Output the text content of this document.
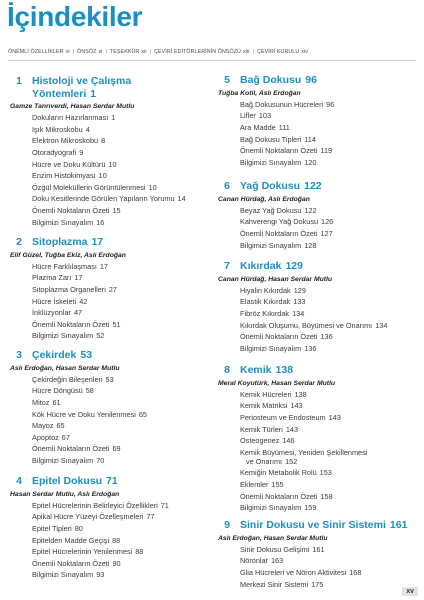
İçindekiler
ÖNEMLİ ÖZELLİKLER vi | ÖNSÖZ xi | TEŞEKKÜR xii | ÇEVİRİ EDİTÖRLERİNİN ÖNSÖZÜ xiii | ÇEVİRİ KURULU xiv
1 Histoloji ve Çalışma
Yöntemleri 1
Gamze Tanrıverdi, Hasan Serdar Mutlu
Dokuların Hazırlanması 1
Işık Mikroskobu 4
Elektron Mikroskobu 8
Otoradyografi 9
Hücre ve Doku Kültürü 10
Enzim Histokimyası 10
Özgül Moleküllerin Görüntülenmesi 10
Doku Kesitlerinde Görülen Yapıların Yorumu 14
Önemli Noktaların Özeti 15
Bilgimizi Sınayalım 16
2 Sitoplazma 17
Elif Güzel, Tuğba Ekiz, Aslı Erdoğan
Hücre Farklılaşması 17
Plazma Zarı 17
Sitoplazma Organelleri 27
Hücre İskeleti 42
İnklüzyonlar 47
Önemli Noktaların Özeti 51
Bilgimizi Sınayalım 52
3 Çekirdek 53
Aslı Erdoğan, Hasan Serdar Mutlu
Çekirdeğin Bileşenleri 53
Hücre Döngüsü 58
Mitoz 61
Kök Hücre ve Doku Yenilenmesi 65
Mayoz 65
Apoptoz 67
Önemli Noktaların Özeti 69
Bilgimizi Sınayalım 70
4 Epitel Dokusu 71
Hasan Serdar Mutlu, Aslı Erdoğan
Epitel Hücrelerinin Belirleyici Özellikleri 71
Apikal Hücre Yüzeyi Özelleşmeleri 77
Epitel Tipleri 80
Epitelden Madde Geçişi 88
Epitel Hücrelerinin Yenilenmesi 88
Önemli Noktaların Özeti 90
Bilgimizi Sınayalım 93
5 Bağ Dokusu 96
Tuğba Kotil, Aslı Erdoğan
Bağ Dokusunun Hücreleri 96
Lifler 103
Ara Madde 111
Bağ Dokusu Tipleri 114
Önemli Noktaların Özeti 119
Bilgimizi Sınayalım 120
6 Yağ Dokusu 122
Canan Hürdağ, Aslı Erdoğan
Beyaz Yağ Dokusu 122
Kahverengi Yağ Dokusu 126
Önemli Noktaların Özeti 127
Bilgimizi Sınayalım 128
7 Kıkırdak 129
Canan Hürdağ, Hasan Serdar Mutlu
Hiyalin Kıkırdak 129
Elastik Kıkırdak 133
Fibröz Kıkırdak 134
Kıkırdak Oluşumu, Büyümesi ve Onarımı 134
Önemli Noktaların Özeti 136
Bilgimizi Sınayalım 136
8 Kemik 138
Meral Koyutürk, Hasan Serdar Mutlu
Kemik Hücreleri 138
Kemik Matriksi 143
Periosteum ve Endosteum 143
Kemik Türleri 143
Osteogenez 146
Kemik Büyümesi, Yeniden Şekillenmesi
ve Onarımı 152
Kemiğin Metabolik Rolü 153
Eklemler 155
Önemli Noktaların Özeti 158
Bilgimizi Sınayalım 159
9 Sinir Dokusu ve Sinir Sistemi 161
Aslı Erdoğan, Hasan Serdar Mutlu
Sinir Dokusu Gelişimi 161
Nöronlar 163
Glia Hücreleri ve Nöron Aktivitesi 168
Merkezi Sinir Sistemi 175
xv
